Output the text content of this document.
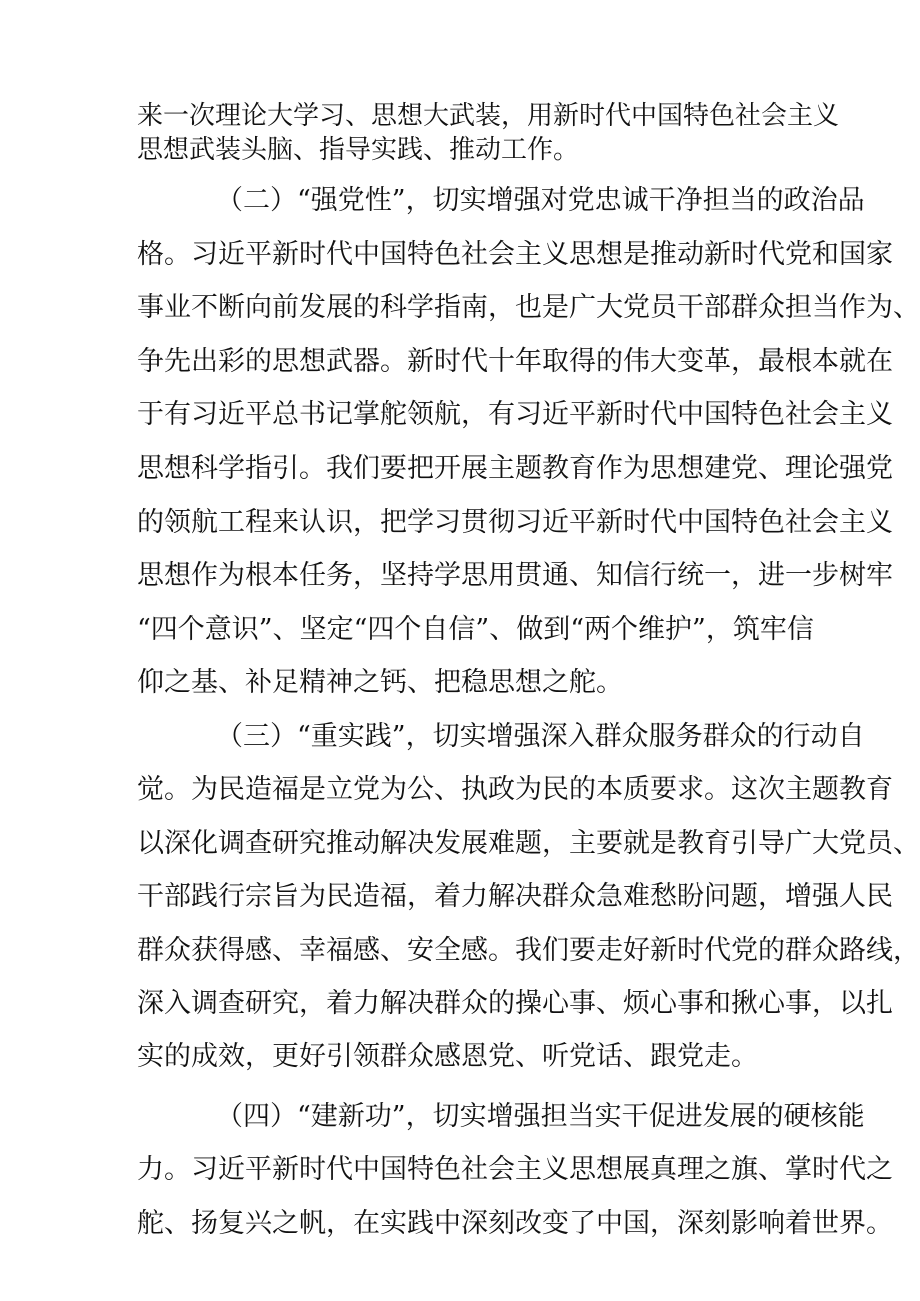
来一次理论大学习、思想大武装，用新时代中国特色社会主义

思想武装头脑、指导实践、推动工作。

（二）“强党性”，切实增强对党忠诚干净担当的政治品

格。习近平新时代中国特色社会主义思想是推动新时代党和国家

事业不断向前发展的科学指南，也是广大党员干部群众担当作为、

争先出彩的思想武器。新时代十年取得的伟大变革，最根本就在

于有习近平总书记掌舵领航，有习近平新时代中国特色社会主义

思想科学指引。我们要把开展主题教育作为思想建党、理论强党

的领航工程来认识，把学习贯彻习近平新时代中国特色社会主义

思想作为根本任务，坚持学思用贯通、知信行统一，进一步树牢

“四个意识”、坚定“四个自信”、做到“两个维护”，筑牢信

仰之基、补足精神之钙、把稳思想之舵。

（三）“重实践”，切实增强深入群众服务群众的行动自

觉。为民造福是立党为公、执政为民的本质要求。这次主题教育

以深化调查研究推动解决发展难题，主要就是教育引导广大党员、

干部践行宗旨为民造福，着力解决群众急难愁盼问题，增强人民

群众获得感、幸福感、安全感。我们要走好新时代党的群众路线，

深入调查研究，着力解决群众的操心事、烦心事和揪心事，以扎

实的成效，更好引领群众感恩党、听党话、跟党走。

（四）“建新功”，切实增强担当实干促进发展的硬核能

力。习近平新时代中国特色社会主义思想展真理之旗、掌时代之

舵、扬复兴之帆，在实践中深刻改变了中国，深刻影响着世界。
